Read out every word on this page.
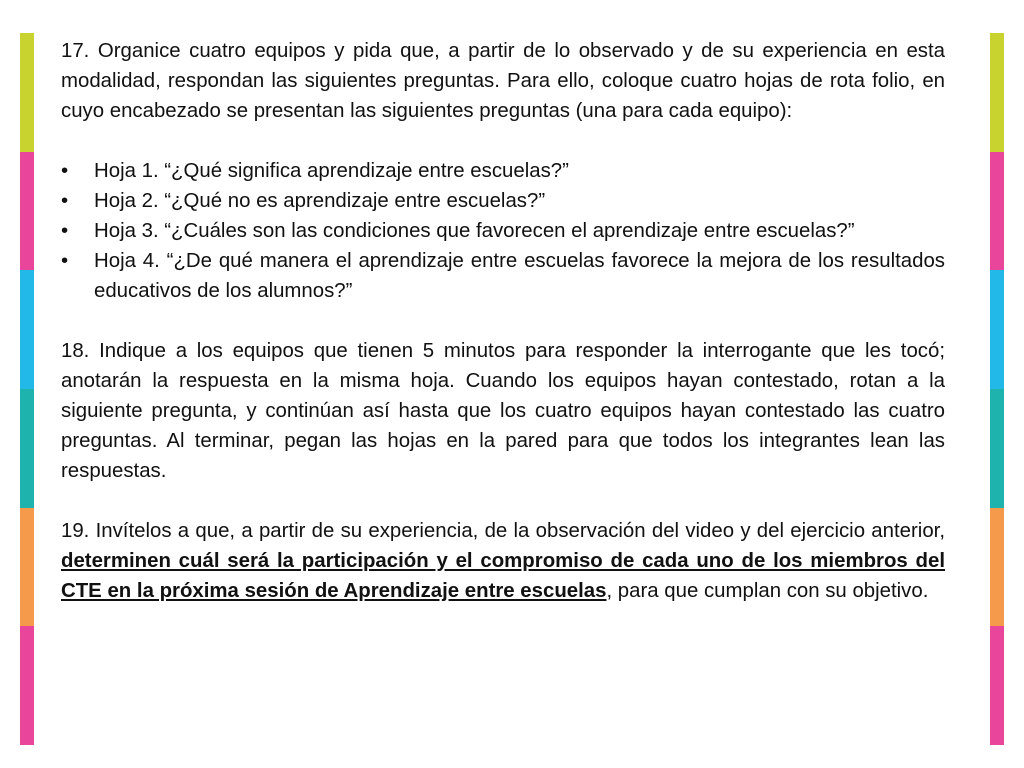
17. Organice cuatro equipos y pida que, a partir de lo observado y de su experiencia en esta modalidad, respondan las siguientes preguntas. Para ello, coloque cuatro hojas de rota folio, en cuyo encabezado se presentan las siguientes preguntas (una para cada equipo):

• Hoja 1. “¿Qué significa aprendizaje entre escuelas?”
• Hoja 2. “¿Qué no es aprendizaje entre escuelas?”
• Hoja 3. “¿Cuáles son las condiciones que favorecen el aprendizaje entre escuelas?”
• Hoja 4. “¿De qué manera el aprendizaje entre escuelas favorece la mejora de los resultados educativos de los alumnos?”

18. Indique a los equipos que tienen 5 minutos para responder la interrogante que les tocó; anotarán la respuesta en la misma hoja. Cuando los equipos hayan contestado, rotan a la siguiente pregunta, y continúan así hasta que los cuatro equipos hayan contestado las cuatro preguntas. Al terminar, pegan las hojas en la pared para que todos los integrantes lean las respuestas.

19. Invítelos a que, a partir de su experiencia, de la observación del video y del ejercicio anterior, determinen cuál será la participación y el compromiso de cada uno de los miembros del CTE en la próxima sesión de Aprendizaje entre escuelas, para que cumplan con su objetivo.
